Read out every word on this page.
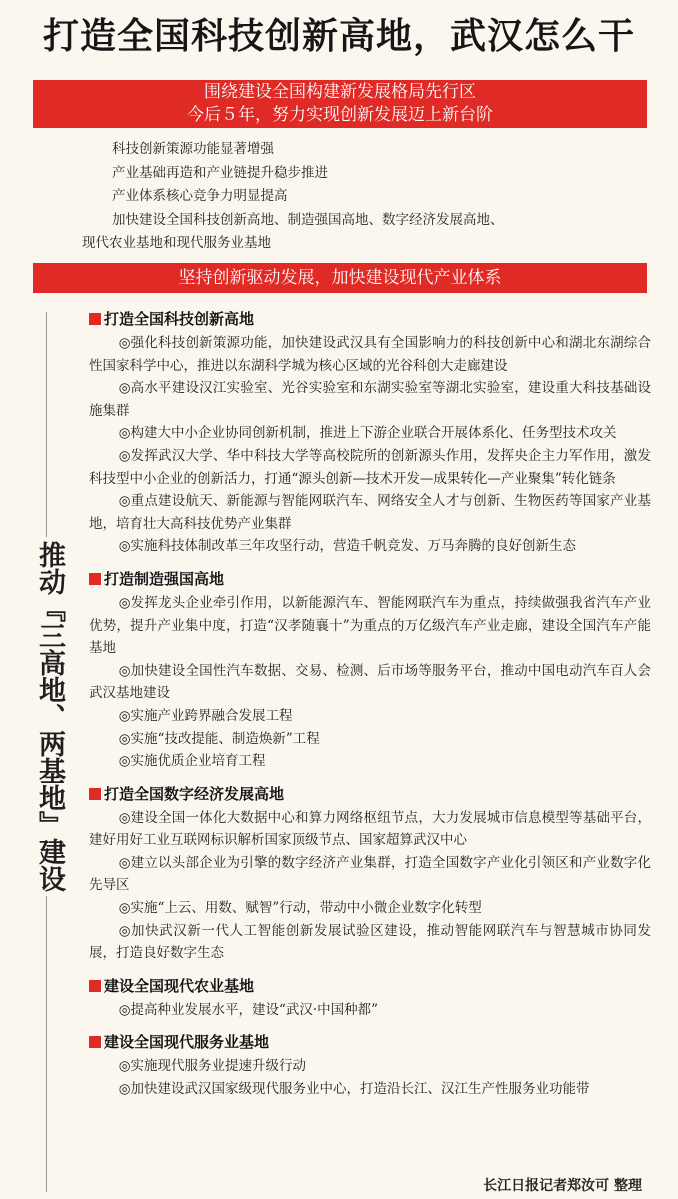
打造全国科技创新高地，武汉怎么干
围绕建设全国构建新发展格局先行区
今后５年，努力实现创新发展迈上新台阶
科技创新策源功能显著增强
产业基础再造和产业链提升稳步推进
产业体系核心竞争力明显提高
加快建设全国科技创新高地、制造强国高地、数字经济发展高地、
现代农业基地和现代服务业基地
坚持创新驱动发展，加快建设现代产业体系
推动『三高地、两基地』建设
打造全国科技创新高地
◎强化科技创新策源功能，加快建设武汉具有全国影响力的科技创新中心和湖北东湖综合性国家科学中心，推进以东湖科学城为核心区域的光谷科创大走廊建设
◎高水平建设汉江实验室、光谷实验室和东湖实验室等湖北实验室，建设重大科技基础设施集群
◎构建大中小企业协同创新机制，推进上下游企业联合开展体系化、任务型技术攻关
◎发挥武汉大学、华中科技大学等高校院所的创新源头作用，发挥央企主力军作用，激发科技型中小企业的创新活力，打通“源头创新—技术开发—成果转化—产业聚集”转化链条
◎重点建设航天、新能源与智能网联汽车、网络安全人才与创新、生物医药等国家产业基地，培育壮大高科技优势产业集群
◎实施科技体制改革三年攻坚行动，营造千帆竞发、万马奔腾的良好创新生态
打造制造强国高地
◎发挥龙头企业牵引作用，以新能源汽车、智能网联汽车为重点，持续做强我省汽车产业优势，提升产业集中度，打造“汉孝随襄十”为重点的万亿级汽车产业走廊，建设全国汽车产能基地
◎加快建设全国性汽车数据、交易、检测、后市场等服务平台，推动中国电动汽车百人会武汉基地建设
◎实施产业跨界融合发展工程
◎实施“技改提能、制造焕新”工程
◎实施优质企业培育工程
打造全国数字经济发展高地
◎建设全国一体化大数据中心和算力网络枢纽节点，大力发展城市信息模型等基础平台，建好用好工业互联网标识解析国家顶级节点、国家超算武汉中心
◎建立以头部企业为引擎的数字经济产业集群，打造全国数字产业化引领区和产业数字化先导区
◎实施“上云、用数、赋智”行动，带动中小微企业数字化转型
◎加快武汉新一代人工智能创新发展试验区建设，推动智能网联汽车与智慧城市协同发展，打造良好数字生态
建设全国现代农业基地
◎提高种业发展水平，建设“武汉·中国种都”
建设全国现代服务业基地
◎实施现代服务业提速升级行动
◎加快建设武汉国家级现代服务业中心，打造沿长江、汉江生产性服务业功能带
长江日报记者郑汝可 整理
